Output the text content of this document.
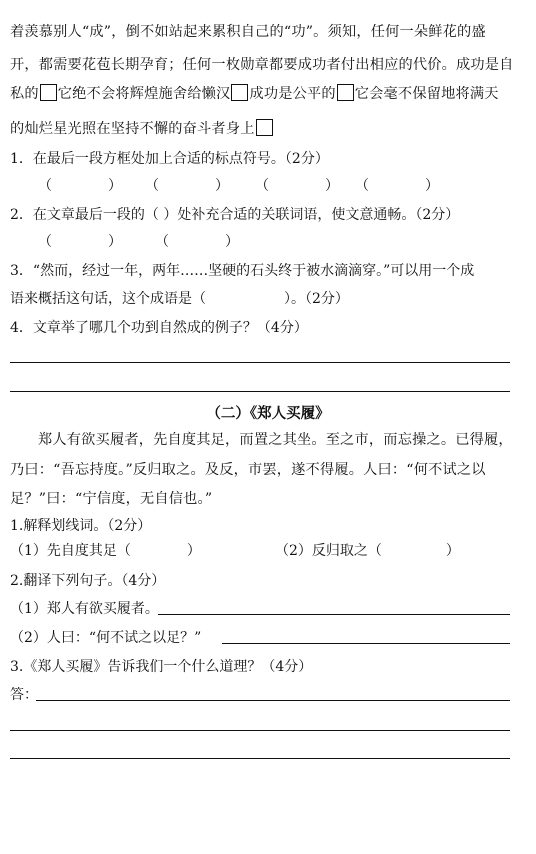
着羡慕别人“成”，倒不如站起来累积自己的“功”。须知，任何一朵鲜花的盛
开，都需要花苞长期孕育；任何一枚勋章都要成功者付出相应的代价。成功是自
私的 它绝不会将辉煌施舍给懒汉 成功是公平的 它会毫不保留地将满天
的灿烂星光照在坚持不懈的奋斗者身上
1．在最后一段方框处加上合适的标点符号。（2分）
（　　　　） （　　　　） （　　　　） （　　　　）
2．在文章最后一段的（ ）处补充合适的关联词语，使文意通畅。（2分）
（　　　　） （　　　　）
3．“然而，经过一年，两年……坚硬的石头终于被水滴滴穿。”可以用一个成
语来概括这句话，这个成语是（	）。（2分）
4．文章举了哪几个功到自然成的例子？（4分）
（二）《郑人买履》
郑人有欲买履者，先自度其足，而置之其坐。至之市，而忘操之。已得履，
乃曰：“吾忘持度。”反归取之。及反，市罢，遂不得履。人曰：“何不试之以
足？”曰：“宁信度，无自信也。”
1.解释划线词。（2分）
（1）先自度其足（	）	（2）反归取之（	）
2.翻译下列句子。（4分）
（1）郑人有欲买履者。
（2）人曰：“何不试之以足？”
3.《郑人买履》告诉我们一个什么道理？（4分）
答：
